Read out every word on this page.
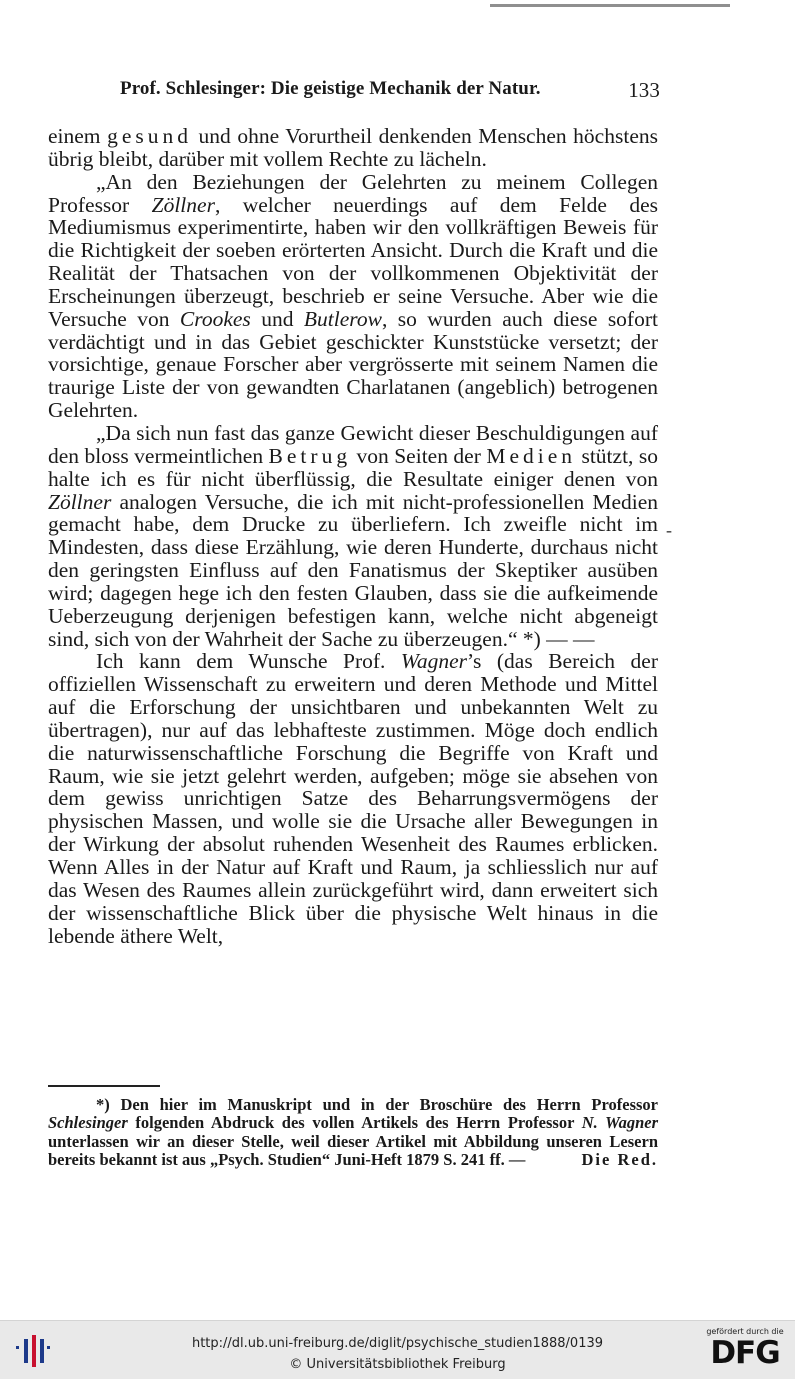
Prof. Schlesinger: Die geistige Mechanik der Natur.	133

einem gesund und ohne Vorurtheil denkenden Menschen höchstens übrig bleibt, darüber mit vollem Rechte zu lächeln.

„An den Beziehungen der Gelehrten zu meinem Collegen Professor Zöllner, welcher neuerdings auf dem Felde des Mediumismus experimentirte, haben wir den vollkräftigen Beweis für die Richtigkeit der soeben erörterten Ansicht. Durch die Kraft und die Realität der Thatsachen von der vollkommenen Objektivität der Erscheinungen überzeugt, beschrieb er seine Versuche. Aber wie die Versuche von Crookes und Butlerow, so wurden auch diese sofort verdächtigt und in das Gebiet geschickter Kunststücke versetzt; der vorsichtige, genaue Forscher aber vergrösserte mit seinem Namen die traurige Liste der von gewandten Charlatanen (angeblich) betrogenen Gelehrten.

„Da sich nun fast das ganze Gewicht dieser Beschuldigungen auf den bloss vermeintlichen Betrug von Seiten der Medien stützt, so halte ich es für nicht überflüssig, die Resultate einiger denen von Zöllner analogen Versuche, die ich mit nicht-professionellen Medien gemacht habe, dem Drucke zu überliefern. Ich zweifle nicht im Mindesten, dass diese Erzählung, wie deren Hunderte, durchaus nicht den geringsten Einfluss auf den Fanatismus der Skeptiker ausüben wird; dagegen hege ich den festen Glauben, dass sie die aufkeimende Ueberzeugung derjenigen befestigen kann, welche nicht abgeneigt sind, sich von der Wahrheit der Sache zu überzeugen.“ *) — —

Ich kann dem Wunsche Prof. Wagner’s (das Bereich der offiziellen Wissenschaft zu erweitern und deren Methode und Mittel auf die Erforschung der unsichtbaren und unbekannten Welt zu übertragen), nur auf das lebhafteste zustimmen. Möge doch endlich die naturwissenschaftliche Forschung die Begriffe von Kraft und Raum, wie sie jetzt gelehrt werden, aufgeben; möge sie absehen von dem gewiss unrichtigen Satze des Beharrungsvermögens der physischen Massen, und wolle sie die Ursache aller Bewegungen in der Wirkung der absolut ruhenden Wesenheit des Raumes erblicken. Wenn Alles in der Natur auf Kraft und Raum, ja schliesslich nur auf das Wesen des Raumes allein zurückgeführt wird, dann erweitert sich der wissenschaftliche Blick über die physische Welt hinaus in die lebende äthere Welt,

-

*) Den hier im Manuskript und in der Broschüre des Herrn Professor Schlesinger folgenden Abdruck des vollen Artikels des Herrn Professor N. Wagner unterlassen wir an dieser Stelle, weil dieser Artikel mit Abbildung unseren Lesern bereits bekannt ist aus „Psych. Studien“ Juni-Heft 1879 S. 241 ff. —	Die Red.

http://dl.ub.uni-freiburg.de/diglit/psychische_studien1888/0139
© Universitätsbibliothek Freiburg
gefördert durch die
DFG
